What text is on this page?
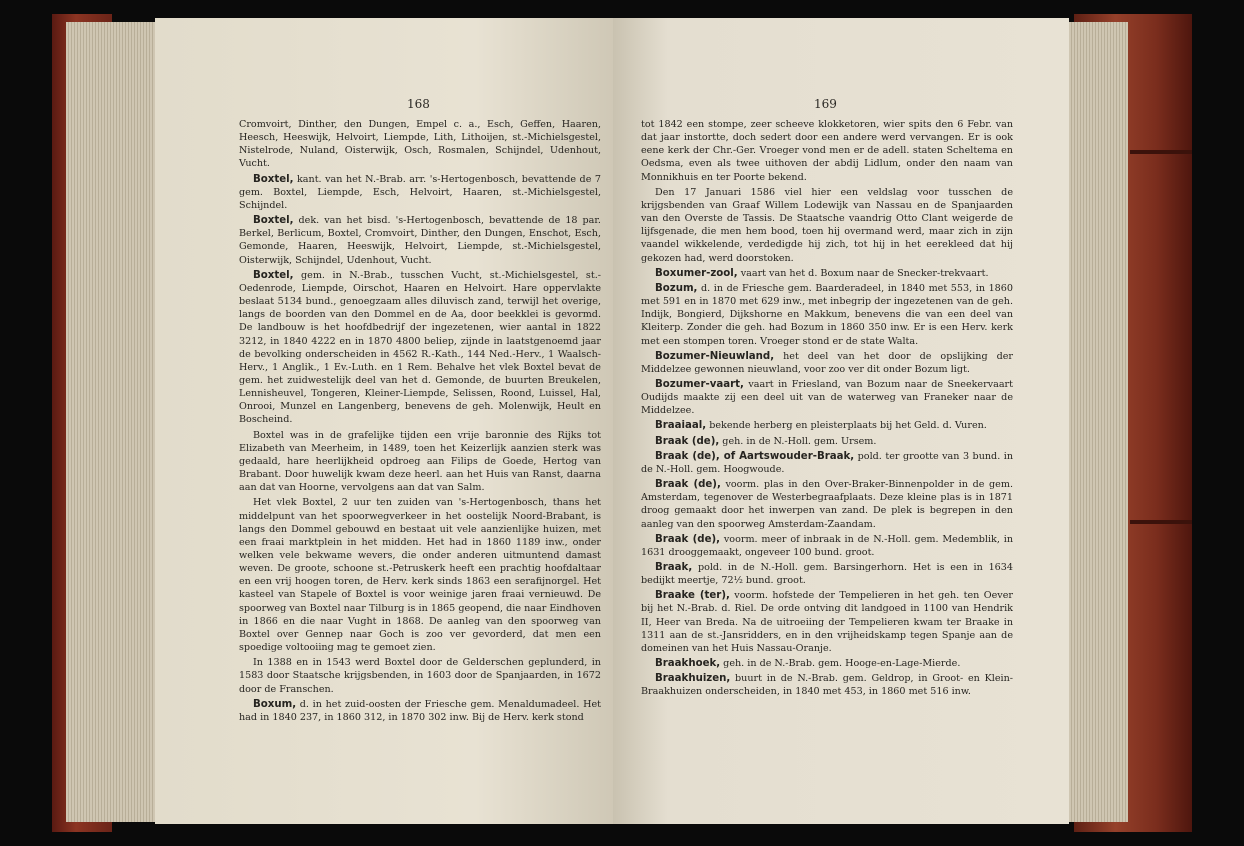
168

Cromvoirt, Dinther, den Dungen, Empel c. a., Esch, Geffen, Haaren, Heesch, Heeswijk, Helvoirt, Liempde, Lith, Lithoijen, st.-Michielsgestel, Nistelrode, Nuland, Oisterwijk, Osch, Rosmalen, Schijndel, Udenhout, Vucht.

Boxtel, kant. van het N.-Brab. arr. 's-Hertogenbosch, bevattende de 7 gem. Boxtel, Liempde, Esch, Helvoirt, Haaren, st.-Michielsgestel, Schijndel.

Boxtel, dek. van het bisd. 's-Hertogenbosch, bevattende de 18 par. Berkel, Berlicum, Boxtel, Cromvoirt, Dinther, den Dungen, Enschot, Esch, Gemonde, Haaren, Heeswijk, Helvoirt, Liempde, st.-Michielsgestel, Oisterwijk, Schijndel, Udenhout, Vucht.

Boxtel, gem. in N.-Brab., tusschen Vucht, st.-Michielsgestel, st.-Oedenrode, Liempde, Oirschot, Haaren en Helvoirt. Hare oppervlakte beslaat 5134 bund., genoegzaam alles diluvisch zand, terwijl het overige, langs de boorden van den Dommel en de Aa, door beekklei is gevormd. De landbouw is het hoofdbedrijf der ingezetenen, wier aantal in 1822 3212, in 1840 4222 en in 1870 4800 beliep, zijnde in laatstgenoemd jaar de bevolking onderscheiden in 4562 R.-Kath., 144 Ned.-Herv., 1 Waalsch-Herv., 1 Anglik., 1 Ev.-Luth. en 1 Rem. Behalve het vlek Boxtel bevat de gem. het zuidwestelijk deel van het d. Gemonde, de buurten Breukelen, Lennisheuvel, Tongeren, Kleiner-Liempde, Selissen, Roond, Luissel, Hal, Onrooi, Munzel en Langenberg, benevens de geh. Molenwijk, Heult en Boscheind.

Boxtel was in de grafelijke tijden een vrije baronnie des Rijks tot Elizabeth van Meerheim, in 1489, toen het Keizerlijk aanzien sterk was gedaald, hare heerlijkheid opdroeg aan Filips de Goede, Hertog van Brabant. Door huwelijk kwam deze heerl. aan het Huis van Ranst, daarna aan dat van Hoorne, vervolgens aan dat van Salm.

Het vlek Boxtel, 2 uur ten zuiden van 's-Hertogenbosch, thans het middelpunt van het spoorwegverkeer in het oostelijk Noord-Brabant, is langs den Dommel gebouwd en bestaat uit vele aanzienlijke huizen, met een fraai marktplein in het midden. Het had in 1860 1189 inw., onder welken vele bekwame wevers, die onder anderen uitmuntend damast weven. De groote, schoone st.-Petruskerk heeft een prachtig hoofdaltaar en een vrij hoogen toren, de Herv. kerk sinds 1863 een serafijnorgel. Het kasteel van Stapele of Boxtel is voor weinige jaren fraai vernieuwd. De spoorweg van Boxtel naar Tilburg is in 1865 geopend, die naar Eindhoven in 1866 en die naar Vught in 1868. De aanleg van den spoorweg van Boxtel over Gennep naar Goch is zoo ver gevorderd, dat men een spoedige voltooiing mag te gemoet zien.

In 1388 en in 1543 werd Boxtel door de Gelderschen geplunderd, in 1583 door Staatsche krijgsbenden, in 1603 door de Spanjaarden, in 1672 door de Franschen.

Boxum, d. in het zuid-oosten der Friesche gem. Menaldumadeel. Het had in 1840 237, in 1860 312, in 1870 302 inw. Bij de Herv. kerk stond

169

tot 1842 een stompe, zeer scheeve klokketoren, wier spits den 6 Febr. van dat jaar instortte, doch sedert door een andere werd vervangen. Er is ook eene kerk der Chr.-Ger. Vroeger vond men er de adell. staten Scheltema en Oedsma, even als twee uithoven der abdij Lidlum, onder den naam van Monnikhuis en ter Poorte bekend.

Den 17 Januari 1586 viel hier een veldslag voor tusschen de krijgsbenden van Graaf Willem Lodewijk van Nassau en de Spanjaarden van den Overste de Tassis. De Staatsche vaandrig Otto Clant weigerde de lijfsgenade, die men hem bood, toen hij overmand werd, maar zich in zijn vaandel wikkelende, verdedigde hij zich, tot hij in het eerekleed dat hij gekozen had, werd doorstoken.

Boxumer-zool, vaart van het d. Boxum naar de Snecker-trekvaart.

Bozum, d. in de Friesche gem. Baarderadeel, in 1840 met 553, in 1860 met 591 en in 1870 met 629 inw., met inbegrip der ingezetenen van de geh. Indijk, Bongierd, Dijkshorne en Makkum, benevens die van een deel van Kleiterp. Zonder die geh. had Bozum in 1860 350 inw. Er is een Herv. kerk met een stompen toren. Vroeger stond er de state Walta.

Bozumer-Nieuwland, het deel van het door de opslijking der Middelzee gewonnen nieuwland, voor zoo ver dit onder Bozum ligt.

Bozumer-vaart, vaart in Friesland, van Bozum naar de Sneekervaart Oudijds maakte zij een deel uit van de waterweg van Franeker naar de Middelzee.

Braaiaal, bekende herberg en pleisterplaats bij het Geld. d. Vuren.

Braak (de), geh. in de N.-Holl. gem. Ursem.

Braak (de), of Aartswouder-Braak, pold. ter grootte van 3 bund. in de N.-Holl. gem. Hoogwoude.

Braak (de), voorm. plas in den Over-Braker-Binnenpolder in de gem. Amsterdam, tegenover de Westerbegraafplaats. Deze kleine plas is in 1871 droog gemaakt door het inwerpen van zand. De plek is begrepen in den aanleg van den spoorweg Amsterdam-Zaandam.

Braak (de), voorm. meer of inbraak in de N.-Holl. gem. Medemblik, in 1631 drooggemaakt, ongeveer 100 bund. groot.

Braak, pold. in de N.-Holl. gem. Barsingerhorn. Het is een in 1634 bedijkt meertje, 72½ bund. groot.

Braake (ter), voorm. hofstede der Tempelieren in het geh. ten Oever bij het N.-Brab. d. Riel. De orde ontving dit landgoed in 1100 van Hendrik II, Heer van Breda. Na de uitroeiing der Tempelieren kwam ter Braake in 1311 aan de st.-Jansridders, en in den vrijheidskamp tegen Spanje aan de domeinen van het Huis Nassau-Oranje.

Braakhoek, geh. in de N.-Brab. gem. Hooge-en-Lage-Mierde.

Braakhuizen, buurt in de N.-Brab. gem. Geldrop, in Groot- en Klein-Braakhuizen onderscheiden, in 1840 met 453, in 1860 met 516 inw.
